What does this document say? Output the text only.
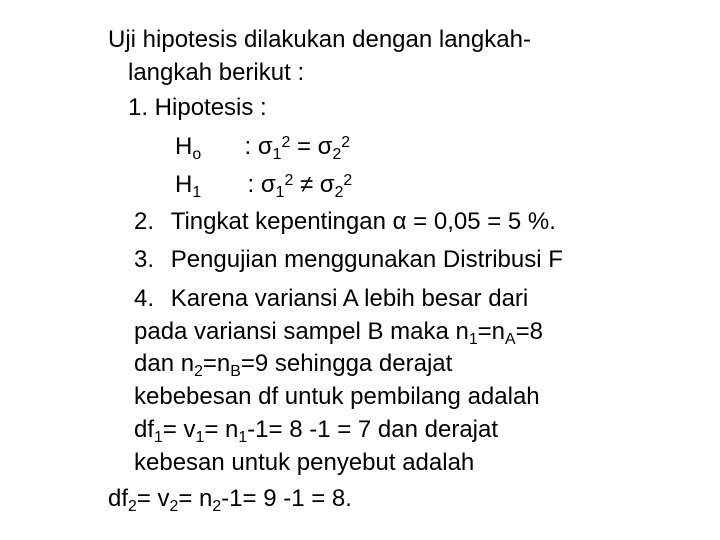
Uji hipotesis dilakukan dengan langkah-
langkah berikut :
1. Hipotesis :
$H_o$ : $\sigma_1^2 = \sigma_2^2$
$H_1$ : $\sigma_1^2 \ne \sigma_2^2$
2. Tingkat kepentingan α = 0,05 = 5 %.
3. Pengujian menggunakan Distribusi F
4. Karena variansi A lebih besar dari
pada variansi sampel B maka $n_1=n_A=8$
dan $n_2=n_B=9$ sehingga derajat
kebebesan df untuk pembilang adalah
$df_1= v_1= n_1-1= 8$ -1 = 7 dan derajat
kebesan untuk penyebut adalah
$df_2= v_2= n_2-1= 9$ -1 = 8.
